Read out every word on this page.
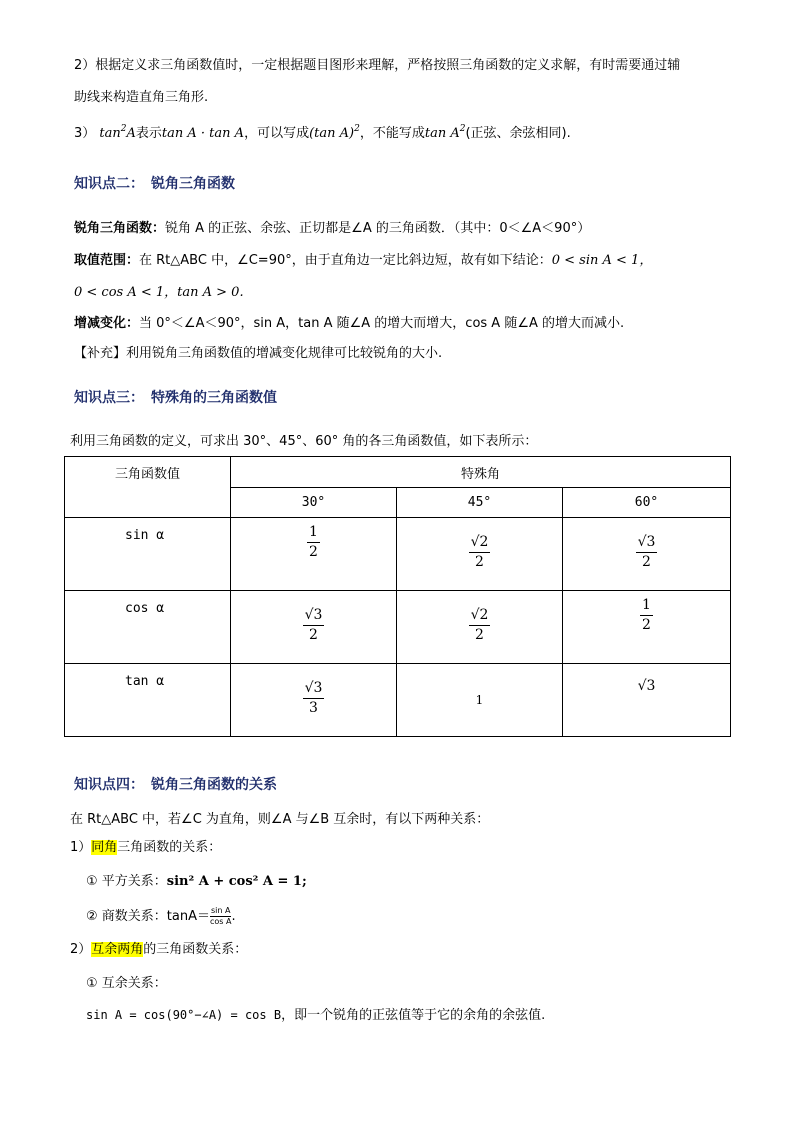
2）根据定义求三角函数值时，一定根据题目图形来理解，严格按照三角函数的定义求解，有时需要通过辅
助线来构造直角三角形.
3） $\tan^2A$表示tan A · tan A，可以写成(tan A)$^2$，不能写成$\tan A^2$(正弦、余弦相同).
知识点二：　锐角三角函数
锐角三角函数：锐角 A 的正弦、余弦、正切都是∠A 的三角函数．（其中：0＜∠A＜90°）
取值范围：在 Rt△ABC 中，∠C=90°，由于直角边一定比斜边短，故有如下结论：0 < sin A < 1，
0 < cos A < 1，tan A > 0.
增减变化：当 0°＜∠A＜90°，sin A，tan A 随∠A 的增大而增大，cos A 随∠A 的增大而减小.
【补充】利用锐角三角函数值的增减变化规律可比较锐角的大小.
知识点三：　特殊角的三角函数值
利用三角函数的定义，可求出 30°、45°、60° 角的各三角函数值，如下表所示：
三角函数值	特殊角		
	30°	45°	60°
sin α	$\frac{1}{2}$	$\frac{√2}{2}$	$\frac{√3}{2}$

cos α	$\frac{√3}{2}$	$\frac{√2}{2}$	$\frac{1}{2}$

tan α	$\frac{√3}{3}$	1	√3
知识点四：　锐角三角函数的关系
在 Rt△ABC 中，若∠C 为直角，则∠A 与∠B 互余时，有以下两种关系：
1）同角三角函数的关系：
① 平方关系：sin² A + cos² A = 1;
② 商数关系：$\tan A= \frac{\text{sin A}}{\text{cos A}}$ .
2）互余两角的三角函数关系：
① 互余关系：
sin A = cos(90°−∠A) = cos B，即一个锐角的正弦值等于它的余角的余弦值.
